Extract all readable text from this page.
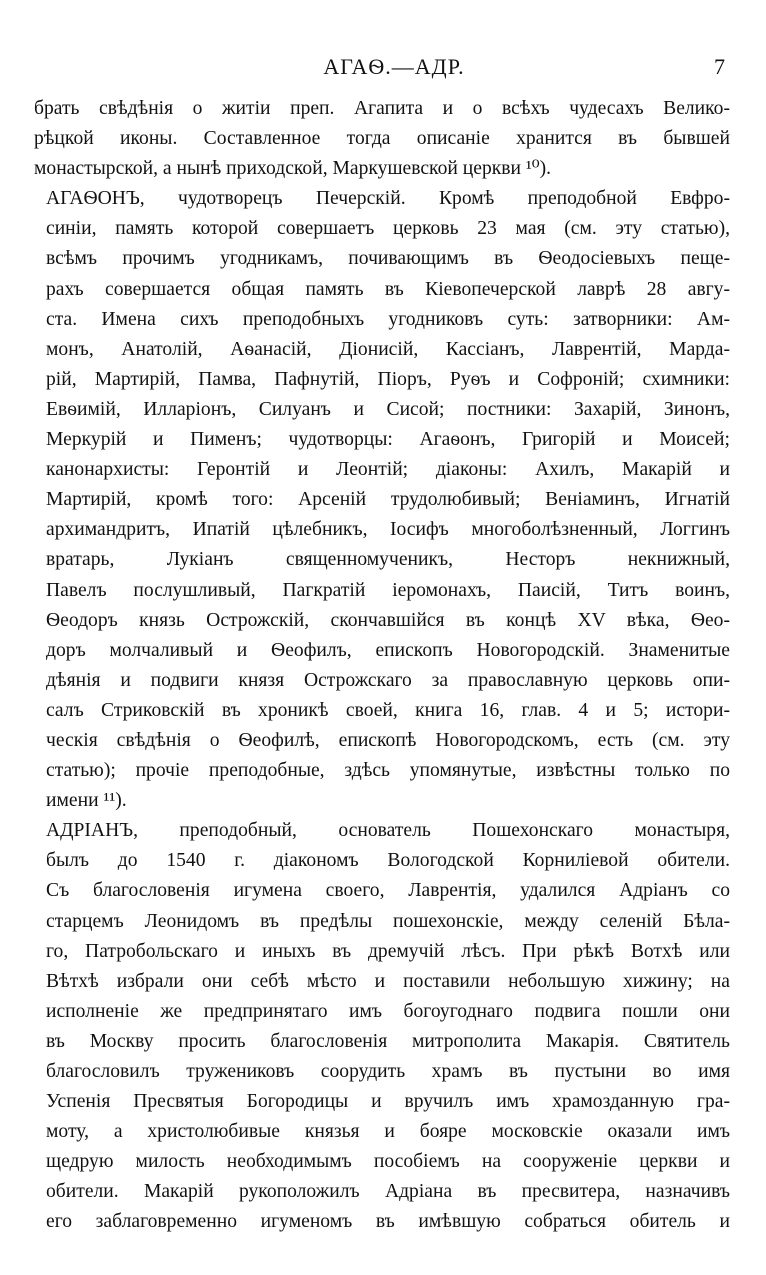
АГАѲ.—АДР.	7
брать свѣдѣнія о житіи преп. Агапита и о всѣхъ чудесахъ Велико-
рѣцкой иконы. Составленное тогда описаніе хранится въ бывшей
монастырской, а нынѣ приходской, Маркушевской церкви ¹⁰).
АГАѲОНЪ, чудотворецъ Печерскій. Кромѣ преподобной Евфро-
синіи, память которой совершаетъ церковь 23 мая (см. эту статью),
всѣмъ прочимъ угодникамъ, почивающимъ въ Ѳеодосіевыхъ пеще-
рахъ совершается общая память въ Кіевопечерской лаврѣ 28 авгу-
ста. Имена сихъ преподобныхъ угодниковъ суть: затворники: Ам-
монъ, Анатолій, Аѳанасій, Діонисій, Кассіанъ, Лаврентій, Марда-
рій, Мартирій, Памва, Пафнутій, Піоръ, Руѳъ и Софроній; схимники:
Евѳимій, Илларіонъ, Силуанъ и Сисой; постники: Захарій, Зинонъ,
Меркурій и Пименъ; чудотворцы: Агаѳонъ, Григорій и Моисей;
канонархисты: Геронтій и Леонтій; діаконы: Ахилъ, Макарій и
Мартирій, кромѣ того: Арсеній трудолюбивый; Веніаминъ, Игнатій
архимандритъ, Ипатій цѣлебникъ, Іосифъ многоболѣзненный, Логгинъ
вратарь, Лукіанъ священномученикъ, Несторъ некнижный,
Павелъ послушливый, Пагкратій іеромонахъ, Паисій, Титъ воинъ,
Ѳеодоръ князь Острожскій, скончавшійся въ концѣ XV вѣка, Ѳео-
доръ молчаливый и Ѳеофилъ, епископъ Новогородскій. Знаменитые
дѣянія и подвиги князя Острожскаго за православную церковь опи-
салъ Стриковскій въ хроникѣ своей, книга 16, глав. 4 и 5; истори-
ческія свѣдѣнія о Ѳеофилѣ, епископѣ Новогородскомъ, есть (см. эту
статью); прочіе преподобные, здѣсь упомянутые, извѣстны только по
имени ¹¹).
АДРІАНЪ, преподобный, основатель Пошехонскаго монастыря,
былъ до 1540 г. діакономъ Вологодской Корниліевой обители.
Съ благословенія игумена своего, Лаврентія, удалился Адріанъ со
старцемъ Леонидомъ въ предѣлы пошехонскіе, между селеній Бѣла-
го, Патробольскаго и иныхъ въ дремучій лѣсъ. При рѣкѣ Вотхѣ или
Вѣтхѣ избрали они себѣ мѣсто и поставили небольшую хижину; на
исполненіе же предпринятаго имъ богоугоднаго подвига пошли они
въ Москву просить благословенія митрополита Макарія. Святитель
благословилъ тружениковъ соорудить храмъ въ пустыни во имя
Успенія Пресвятыя Богородицы и вручилъ имъ храмозданную гра-
моту, а христолюбивые князья и бояре московскіе оказали имъ
щедрую милость необходимымъ пособіемъ на сооруженіе церкви и
обители. Макарій рукоположилъ Адріана въ пресвитера, назначивъ
его заблаговременно игуменомъ въ имѣвшую собраться обитель и
